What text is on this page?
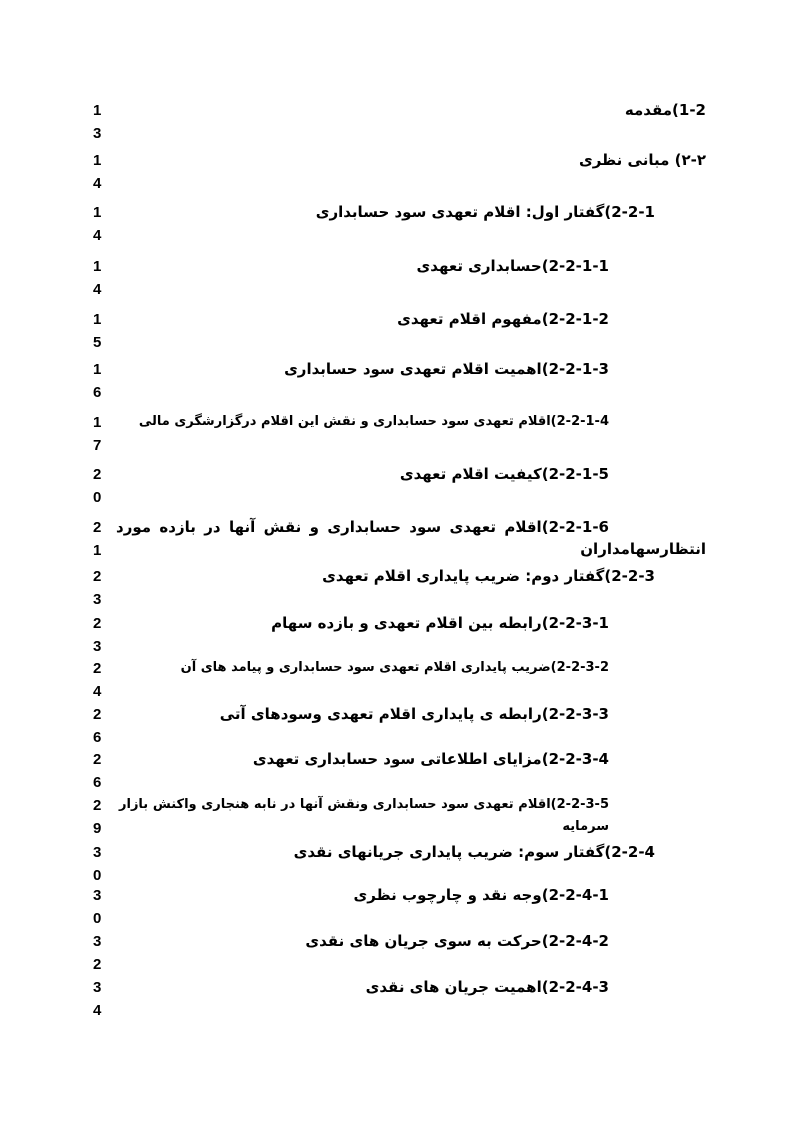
1-2)مقدمه
1
3
۲-۲) مبانی نظری
1
4
2-2-1)گفتار اول: اقلام تعهدی سود حسابداری
1
4
2-2-1-1)حسابداری تعهدی
1
4
2-2-1-2)مفهوم اقلام تعهدی
1
5
2-2-1-3)اهمیت اقلام تعهدی سود حسابداری
1
6
2-2-1-4)اقلام تعهدی سود حسابداری و نقش این اقلام درگزارشگری مالی
1
7
2-2-1-5)کیفیت اقلام تعهدی
2
0
2-2-1-6)اقلام تعهدی سود حسابداری و نقش آنها در بازده مورد انتظارسهامداران
2
1
2-2-3)گفتار دوم: ضریب پایداری اقلام تعهدی
2
3
2-2-3-1)رابطه بین اقلام تعهدی و بازده سهام
2
3
2-2-3-2)ضریب پایداری اقلام تعهدی سود حسابداری و پیامد های آن
2
4
2-2-3-3)رابطه ی پایداری اقلام تعهدی وسودهای آتی
2
6
2-2-3-4)مزایای اطلاعاتی سود حسابداری تعهدی
2
6
2-2-3-5)اقلام تعهدی سود حسابداری ونقش آنها در نابه هنجاری واکنش بازار سرمایه
2
9
2-2-4)گفتار سوم: ضریب پایداری جریانهای نقدی
3
0
2-2-4-1)وجه نقد و چارچوب نظری
3
0
2-2-4-2)حرکت به سوی جریان های نقدی
3
2
2-2-4-3)اهمیت جریان های نقدی
3
4
